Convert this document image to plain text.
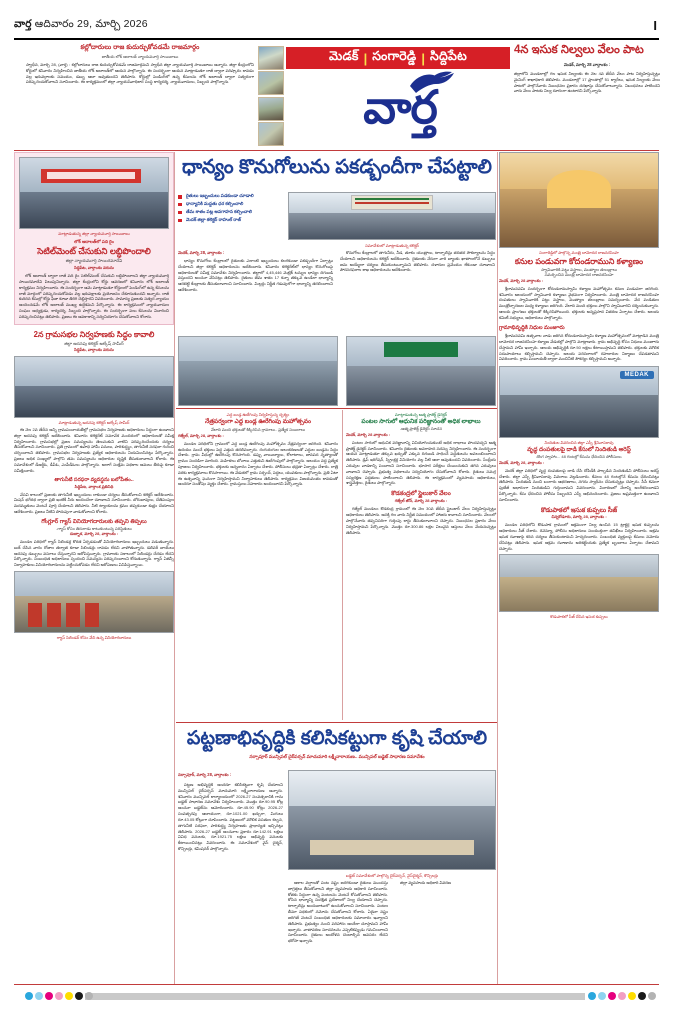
వార్త ఆదివారం 29, మార్చి 2026	I
కల్లోదారులు రాజ కుదుర్చుకోవడమే రాజమార్గం
జాతీయ లోక్ అదాలత్ న్యాయమూర్తి సాయిబాబు
స్వాధీన, మార్చి 28, (వార్త) : కల్లోదారులు రాజ కుదుర్చుకోవడమే రాజమార్గమని స్వాధీన జిల్లా న్యాయమూర్తి సాయిబాబు అన్నారు. జిల్లా కేంద్రంలోని కోర్టులో శనివారం నిర్వహించిన జాతీయ లోక్ అదాలత్‌లో ఆయన పాల్గొన్నారు. ఈ సందర్భంగా ఆయన మాట్లాడుతూ రాజీ ద్వారా పరిష్కారం కావడం వల్ల ఇరువర్గాలకు సమయం, డబ్బు ఆదా అవుతుందని తెలిపారు. కోర్టుల్లో పెండింగ్‌లో ఉన్న కేసులను లోక్ అదాలత్ ద్వారా సత్వరంగా పరిష్కరించుకోవాలని సూచించారు. ఈ కార్యక్రమంలో జిల్లా న్యాయసేవాధికార సంస్థ కార్యదర్శి, న్యాయవాదులు, సిబ్బంది పాల్గొన్నారు.
మెడక్ | సంగారెడ్డి | సిద్దిపేట
వార్త
4న ఇసుక నిల్వలు వేలం పాట
మెడక్, మార్చి 28 వార్తాంశం :
జిల్లాలోని మండలాల్లో గల ఇసుక నిల్వలకు ఈ నెల 4వ తేదీన వేలం పాట నిర్వహిస్తున్నట్లు మైనింగ్ శాఖాధికారి తెలిపారు. మండలాల్లో 17 ప్రాంతాల్లో 51 క్వారీలు, ఇసుక నిల్వలకు వేలం పాటలో పాల్గొనేవారు నిబంధనల ప్రకారం దరఖాస్తు చేసుకోవాలన్నారు. నిబంధనలు పాటించని వారు వేలం పాటకు నిల్వ దూరంగా ఉంటారని పేర్కొన్నారు.
మాట్లాడుతున్న జిల్లా న్యాయమూర్తి సాయిబాబు
లోక్ అదాలత్‌లో పది రైం
సెటిల్‌మెంట్ చేసుకుని లబ్ధిపొందాలి
జిల్లా న్యాయమూర్తి సాయిరమాదేవి
సిద్దిపేట, వార్తాంశం వరుసు
లోక్ అదాలత్ ద్వారా రాజీ పది రైం సెటిల్‌మెంట్ చేసుకుని లబ్ధిపొందాలని జిల్లా న్యాయమూర్తి సాయిరమాదేవి పిలుపునిచ్చారు. జిల్లా కేంద్రంలోని కోర్టు ఆవరణలో శనివారం లోక్ అదాలత్ కార్యక్రమం నిర్వహించారు. ఈ సందర్భంగా ఆమె మాట్లాడుతూ కోర్టులలో పెండింగ్‌లో ఉన్న కేసులను రాజీ మార్గంలో పరిష్కరించుకోవడం వల్ల ఇరుపక్షాలకు ప్రయోజనం చేకూరుతుందని అన్నారు. రాజీ కుదిరిన కేసుల్లో కోర్టు ఫీజు కూడా తిరిగి చెల్లిస్తారని వివరించారు. సామాన్య ప్రజలకు సత్వర న్యాయం అందించడమే లోక్ అదాలత్ ముఖ్య ఉద్దేశమని పేర్కొన్నారు. ఈ కార్యక్రమంలో న్యాయవాదుల సంఘం అధ్యక్షుడు, కార్యదర్శి, సిబ్బంది పాల్గొన్నారు. ఈ సందర్భంగా పలు కేసులను విచారించి పరిష్కరించినట్లు తెలిపారు. ప్రజలు ఈ అవకాశాన్ని సద్వినియోగం చేసుకోవాలని కోరారు.
2న గ్రామసభల నిర్వహణకు సిద్ధం కావాలి
జిల్లా అదనపు కలెక్టర్ అల్కేష్ సామీర్
సిద్దిపేట, వార్తాంశం వరుసు
మాట్లాడుతున్న అదనపు కలెక్టర్ అల్కేష్ సామీర్
ఈ నెల 2వ తేదీన అన్ని గ్రామపంచాయతీల్లో గ్రామసభల నిర్వహణకు అధికారులు సిద్ధంగా ఉండాలని జిల్లా అదనపు కలెక్టర్ ఆదేశించారు. శనివారం కలెక్టరేట్ సమావేశ మందిరంలో అధికారులతో సమీక్ష నిర్వహించారు. గ్రామసభల్లో ప్రజల సమస్యలను తెలుసుకుని వాటిని పరిష్కరించేందుకు చర్యలు తీసుకోవాలని సూచించారు. ప్రతి గ్రామంలో ఉపాధి హామీ పనులు, పారిశుద్ధ్యం, తాగునీటి సరఫరా గురించి చర్చించాలని తెలిపారు. గ్రామసభల నిర్వహణకు ప్రత్యేక అధికారులను నియమించినట్లు పేర్కొన్నారు. ప్రజలు అధిక సంఖ్యలో పాల్గొని తమ సమస్యలను అధికారుల దృష్టికి తీసుకురావాలని కోరారు. ఈ సమావేశంలో డీఆర్డీఓ, డీపీఓ, ఎంపీడీఓలు పాల్గొన్నారు. అలాగే సంక్షేమ పథకాల అమలు తీరుపై కూడా సమీక్షించారు.
తాగునీటి సరఫరా వ్యవస్థను బలోపేతం..
సిద్దిపేట, వార్తాంశ ప్రతినిధి
వేసవి కాలంలో ప్రజలకు తాగునీటి ఇబ్బందులు రాకుండా చర్యలు తీసుకోవాలని కలెక్టర్ ఆదేశించారు. మిషన్ భగీరథ ద్వారా ప్రతి ఇంటికీ నీరు అందించేలా చూడాలని సూచించారు. బోరుబావులు, చేతిపంపుల మరమ్మతులు వెంటనే పూర్తి చేయాలని తెలిపారు. నీటి ట్యాంకులను క్రమం తప్పకుండా శుభ్రం చేయాలని ఆదేశించారు. ప్రజలు నీటిని పొదుపుగా వాడుకోవాలని కోరారు.
గోంగ్లూర్ గ్యాస్ వినియోగదారులకు తప్పని తిప్పలు
-గ్యాస్ కోసం తిరుగాడు కాటుకుంటున్న పరిస్థితులు
దుబ్బాక, మార్చి 28, వార్తాంశం :
మండల పరిధిలో గ్యాస్ సిలిండర్ల కొరత ఏర్పడడంతో వినియోగదారులు ఇబ్బందులు పడుతున్నారు. బుక్ చేసిన వారం రోజుల తర్వాత కూడా సిలిండర్లు రావడం లేదని వాపోతున్నారు. డెలివరీ బాయ్‌లు అదనపు డబ్బులు వసూలు చేస్తున్నారని ఆరోపిస్తున్నారు. గ్రామాలకు సకాలంలో సిలిండర్లు చేరడం లేదని పేర్కొన్నారు. సంబంధిత అధికారులు స్పందించి సమస్యను పరిష్కరించాలని కోరుతున్నారు. గ్యాస్ ఏజెన్సీ నిర్వాహకులు వినియోగదారులను పట్టించుకోవడం లేదని ఆరోపణలు వినిపిస్తున్నాయి.
గ్యాస్ సిలిండర్ కోసం వేచి ఉన్న వినియోగదారులు
ధాన్యం కొనుగోలును పకడ్బందీగా చేపట్టాలి
రైతులు ఇబ్బందులు పడకుండా చూడాలి
ధాన్యానికి మద్దతు ధర కల్పించాలి
తేమ శాతం పట్ల అవగాహన కల్పించాలి
మెదక్ జిల్లా కలెక్టర్ రాహుల్ రాజ్
సమావేశంలో మాట్లాడుతున్న కలెక్టర్
మెదక్, మార్చి 28, వార్తాంశం :
ధాన్యం కొనుగోలు కేంద్రాలలో రైతులకు ఎలాంటి ఇబ్బందులు కలగకుండా పకడ్బందీగా ఏర్పాట్లు చేయాలని జిల్లా కలెక్టర్ అధికారులను ఆదేశించారు. శనివారం కలెక్టరేట్‌లో ధాన్యం కొనుగోలుపై అధికారులతో సమీక్ష సమావేశం నిర్వహించారు. జిల్లాలో 4,45,446 మెట్రిక్ టన్నుల ధాన్యం దిగుబడి వస్తుందని అంచనా వేసినట్లు తెలిపారు. రైతులు తేమ శాతం 17 కన్నా తక్కువ ఉండేలా ధాన్యాన్ని ఆరబెట్టి కేంద్రాలకు తీసుకురావాలని సూచించారు. మిల్లర్లు నిర్ణీత గడువులోగా ధాన్యాన్ని తరలించాలని ఆదేశించారు.
కొనుగోలు కేంద్రాలలో తాగునీరు, నీడ, తూకం యంత్రాలు, టార్పాలిన్లు తదితర సౌకర్యాలను సిద్ధం చేయాలని అధికారులను కలెక్టర్ ఆదేశించారు. రైతులకు నేరుగా వారి బ్యాంకు ఖాతాలలోనే డబ్బులు జమ అయ్యేలా చర్యలు తీసుకుంటున్నామని తెలిపారు. దళారుల ప్రమేయం లేకుండా చూడాలని పౌరసరఫరాల శాఖ అధికారులను ఆదేశించారు.
ఎద్ద బండ్ల ఊరేగింపు నిర్వహిస్తున్న దృశ్యం
నేత్రపర్వంగా ఎద్ద బండ్ల ఊరేగింపు మహోత్సవం
వేలాది మంది భక్తులతో కిక్కిరిసిన గ్రామాలు.. ప్రత్యేక సంబరాలు
గజ్వేల్, మార్చి 28, వార్తాంశం :
మండల పరిధిలోని గ్రామంలో ఎద్ద బండ్ల ఊరేగింపు మహోత్సవం నేత్రపర్వంగా జరిగింది. శనివారం ఉదయం నుంచే భక్తులు పెద్ద ఎత్తున తరలివచ్చారు. రంగురంగుల అలంకరణలతో ఎద్దుల బండ్లను సిద్ధం చేశారు. గ్రామ వీధుల్లో ఊరేగింపు కొనసాగింది. డప్పు వాయిద్యాలు, కోలాటాలు, జానపద నృత్యాలతో గ్రామం సందడిగా మారింది. మహిళలు బోనాలు ఎత్తుకుని ఊరేగింపులో పాల్గొన్నారు. ఆలయం వద్ద ప్రత్యేక పూజలు నిర్వహించారు. భక్తులకు అన్నదానం ఏర్పాటు చేశారు. పోలీసులు భద్రతా ఏర్పాట్లు చేశారు. రాత్రి వరకు కార్యక్రమాలు కొనసాగాయి. ఈ వేడుకలో గ్రామ సర్పంచ్, పెద్దలు, యువకులు పాల్గొన్నారు. ప్రతి ఏటా ఈ ఉత్సవాన్ని ఘనంగా నిర్వహిస్తామని నిర్వాహకులు తెలిపారు. కార్యక్రమం విజయవంతం కావడంతో అందరూ సంతోషం వ్యక్తం చేశారు. గ్రామస్తులు సహకారం అందించారని పేర్కొన్నారు.
మాట్లాడుతున్న ఆత్మ ప్రాజెక్ట్ డైరెక్టర్
పంటల సాగులో ఆధునిక పరిజ్ఞానంతో అధిక లాభాలు
-ఆత్మ ప్రాజెక్ట్ డైరెక్టర్ సూచన
మెదక్, మార్చి 28 వార్తాంశం :
పంటల సాగులో ఆధునిక పరిజ్ఞానాన్ని వినియోగించుకుంటే అధిక లాభాలు పొందవచ్చని ఆత్మ ప్రాజెక్ట్ డైరెక్టర్ సూచించారు. శనివారం రైతులకు అవగాహన సదస్సు నిర్వహించారు. ఈ సందర్భంగా ఆయన మాట్లాడుతూ తక్కువ ఖర్చుతో ఎక్కువ దిగుబడి సాధించే పద్ధతులను అవలంబించాలని తెలిపారు. డ్రిప్ ఇరిగేషన్, స్ప్రింక్లర్ల వినియోగం వల్ల నీటి ఆదా అవుతుందని వివరించారు. సేంద్రీయ ఎరువుల వాడకాన్ని పెంచాలని సూచించారు. భూసార పరీక్షలు చేయించుకుని తగిన ఎరువులు వాడాలని చెప్పారు. ప్రభుత్వ పథకాలను సద్వినియోగం చేసుకోవాలని కోరారు. రైతులు సమగ్ర సస్యరక్షణ పద్ధతులు పాటించాలని తెలిపారు. ఈ కార్యక్రమంలో వ్యవసాయ అధికారులు, శాస్త్రవేత్తలు, రైతులు పాల్గొన్నారు.
కొడకంద్రలో స్టైలుకార్ వేలం
గజ్వేల్ జోన్, మార్చి 28 వార్తాంశం :
గజ్వేల్ మండలం కొడకంద్ర గ్రామంలో ఈ నెల 30వ తేదీన స్టైలుకార్ వేలం నిర్వహిస్తున్నట్లు అధికారులు తెలిపారు. ఆసక్తి గల వారు నిర్ణీత సమయంలో హాజరు కావాలని సూచించారు. వేలంలో పాల్గొనేవారు తప్పనిసరిగా గుర్తింపు కార్డు తీసుకురావాలని చెప్పారు. నిబంధనల ప్రకారం వేలం నిర్వహిస్తామని పేర్కొన్నారు. మొత్తం రూ.300.86 లక్షల విలువైన ఆస్తులు వేలం వేయనున్నట్లు తెలిపారు.
సంగారెడ్డిలో పాల్గొన్న మంత్రి దామోదర రాజనరసింహ
కనుల పండువగా కోదండరాముని కళ్యాణం
స్వామివారికి పట్టు వస్త్రాలు, ముత్యాల తలంబ్రాలు
సమర్పించిన మంత్రి దామోదర రాజనరసింహ
మెదక్, మార్చి 28 వార్తాంశం :
శ్రీరామనవమి సందర్భంగా కోదండరామస్వామి కళ్యాణ మహోత్సవం కనుల పండువగా జరిగింది. శనివారం ఆలయంలో స్వామివారి కళ్యాణం వైభవంగా నిర్వహించారు. మంత్రి దామోదర రాజనరసింహ దంపతులు స్వామివారికి పట్టు వస్త్రాలు, ముత్యాల తలంబ్రాలు సమర్పించారు. వేద పండితుల మంత్రోచ్చారణల మధ్య కళ్యాణం జరిగింది. వేలాది మంది భక్తులు పాల్గొని స్వామివారిని దర్శించుకున్నారు. ఆలయ ప్రాంగణం భక్తులతో కిక్కిరిసిపోయింది. భక్తులకు అన్నప్రసాద వితరణ ఏర్పాటు చేశారు. ఆలయ కమిటీ సభ్యులు, అధికారులు పాల్గొన్నారు.
గ్రామాభివృద్ధికి నిధుల మంజూరు
శ్రీరామనవమి ఉత్సవాల నాడు జరిగిన కోదండరామస్వామి కళ్యాణ మహోత్సవంలో మాట్లాడిన మంత్రి దామోదర రాజనరసింహ కళ్యాణ వేడుకల్లో పాల్గొని మాట్లాడారు. గ్రామ అభివృద్ధి కోసం నిధులు మంజూరు చేస్తామని హామీ ఇచ్చారు. ఆలయ అభివృద్ధికి రూ.50 లక్షలు కేటాయిస్తామని తెలిపారు. భక్తులకు మౌలిక సదుపాయాలు కల్పిస్తామని చెప్పారు. ఆలయ పరిసరాలలో రహదారుల నిర్మాణం చేపడతామని వివరించారు. గ్రామ పంచాయతీ ద్వారా మంచినీటి సౌకర్యం కల్పిస్తామని అన్నారు.
MEDAK
నిందితుల వివరించిన జిల్లా ఎస్పీ శ్రీనివాసరావు
వృద్ధ దంపతులపై దాడి కేసులో నిందితుడి అరెస్ట్
దొంగ స్వాహాం... 48 గంటల్లో కేసును ఛేదించిన పోలీసులు
మెదక్, మార్చి 28, వార్తాంశం :
మెదక్ జిల్లా పరిధిలో వృద్ధ దంపతులపై దాడి చేసి దోపిడీకి పాల్పడిన నిందితుడిని పోలీసులు అరెస్ట్ చేశారు. జిల్లా ఎస్పీ శ్రీనివాసరావు వివరాలు వెల్లడించారు. కేవలం 48 గంటల్లోనే కేసును ఛేదించినట్లు తెలిపారు. నిందితుడి నుంచి బంగారు ఆభరణాలు, నగదు స్వాధీనం చేసుకున్నట్లు చెప్పారు. సీసీ కెమెరా ఫుటేజీ ఆధారంగా నిందితుడిని గుర్తించామని వివరించారు. విచారణలో నేరాన్ని అంగీకరించాడని పేర్కొన్నారు. కేసు ఛేదించిన పోలీసు సిబ్బందిని ఎస్పీ అభినందించారు. ప్రజలు అప్రమత్తంగా ఉండాలని సూచించారు.
కొడుపాకలో ఇసుక కుప్పలు సీజ్
చిన్నకోడూరు, మార్చి 28, వార్తాంశం :
మండల పరిధిలోని కొడుపాక గ్రామంలో అక్రమంగా నిల్వ ఉంచిన 15 ట్రాక్టర్ల ఇసుక కుప్పలను అధికారులు సీజ్ చేశారు. రెవెన్యూ, పోలీసు అధికారులు సంయుక్తంగా తనిఖీలు నిర్వహించారు. అక్రమ ఇసుక రవాణాపై కఠిన చర్యలు తీసుకుంటామని హెచ్చరించారు. సంబంధిత వ్యక్తులపై కేసులు నమోదు చేసినట్లు తెలిపారు. ఇసుక అక్రమ రవాణాను అరికట్టేందుకు ప్రత్యేక బృందాలు ఏర్పాటు చేశామని చెప్పారు.
కొడుపాకలో సీజ్ చేసిన ఇసుక కుప్పలు
పట్టణాభివృద్ధికి కలిసికట్టుగా కృషి చేయాలి
నర్సాపూర్ మున్సిపల్ చైర్‌పర్సన్ మాచుమారి లక్ష్మీనారాయణ.. మున్సిపల్ బడ్జెట్ సాధారణ సమావేశం
నర్సాపూర్, మార్చి 28, వార్తాంశం :
బడ్జెట్ సమావేశంలో పాల్గొన్న చైర్‌పర్సన్, వైస్‌చైర్మన్, కౌన్సిలర్లు
పట్టణ అభివృద్ధికి అందరూ కలిసికట్టుగా కృషి చేయాలని మున్సిపల్ చైర్‌పర్సన్ మాచుమారి లక్ష్మీనారాయణ అన్నారు. శనివారం మున్సిపల్ కార్యాలయంలో 2026-27 సంవత్సరానికి గాను బడ్జెట్ సాధారణ సమావేశం నిర్వహించారు. మొత్తం రూ.90.95 కోట్ల అంచనా బడ్జెట్‌ను ఆమోదించారు. రూ.45.90 కోట్లు 2026-27 సంవత్సరపు ఆదాయంగా, రూ.1021.00 ఖర్చుగా, మిగులు రూ.43.05 కోట్లుగా చూపించారు. పట్టణంలో మౌలిక వసతుల కల్పన, తాగునీటి సరఫరా, పారిశుద్ధ్య నిర్వహణకు ప్రాధాన్యత ఇచ్చినట్లు తెలిపారు. 2026-27 బడ్జెట్ అంచనాల ప్రకారం రూ.142.91 లక్షలు వివిధ పనులకు, రూ.1921.75 లక్షలు అభివృద్ధి పనులకు కేటాయించినట్లు వివరించారు. ఈ సమావేశంలో వైస్ చైర్మన్, కౌన్సిలర్లు, కమిషనర్ పాల్గొన్నారు.
అకాల వర్షాలతో పంట నష్టం జరగకుండా రైతులు ముందస్తు జాగ్రత్తలు తీసుకోవాలని జిల్లా వ్యవసాయ అధికారి సూచించారు. కోతకు సిద్ధంగా ఉన్న పంటలను వెంటనే కోసుకోవాలని తెలిపారు. కోసిన ధాన్యాన్ని సురక్షిత ప్రదేశాలలో నిల్వ చేయాలని చెప్పారు. టార్పాలిన్లు అందుబాటులో ఉంచుకోవాలని సూచించారు. పంటల బీమా పథకంలో నమోదు చేసుకోవాలని కోరారు. ఏదైనా నష్టం జరిగితే వెంటనే సంబంధిత అధికారులకు సమాచారం ఇవ్వాలని తెలిపారు. ప్రభుత్వం నుంచి పరిహారం అందేలా చూస్తామని హామీ ఇచ్చారు. వాతావరణ సూచనలను ఎప్పటికప్పుడు గమనించాలని సూచించారు. రైతులు ఆందోళన చెందాల్సిన అవసరం లేదని భరోసా ఇచ్చారు.
జిల్లా వ్యవసాయ అధికారి వివరణ
